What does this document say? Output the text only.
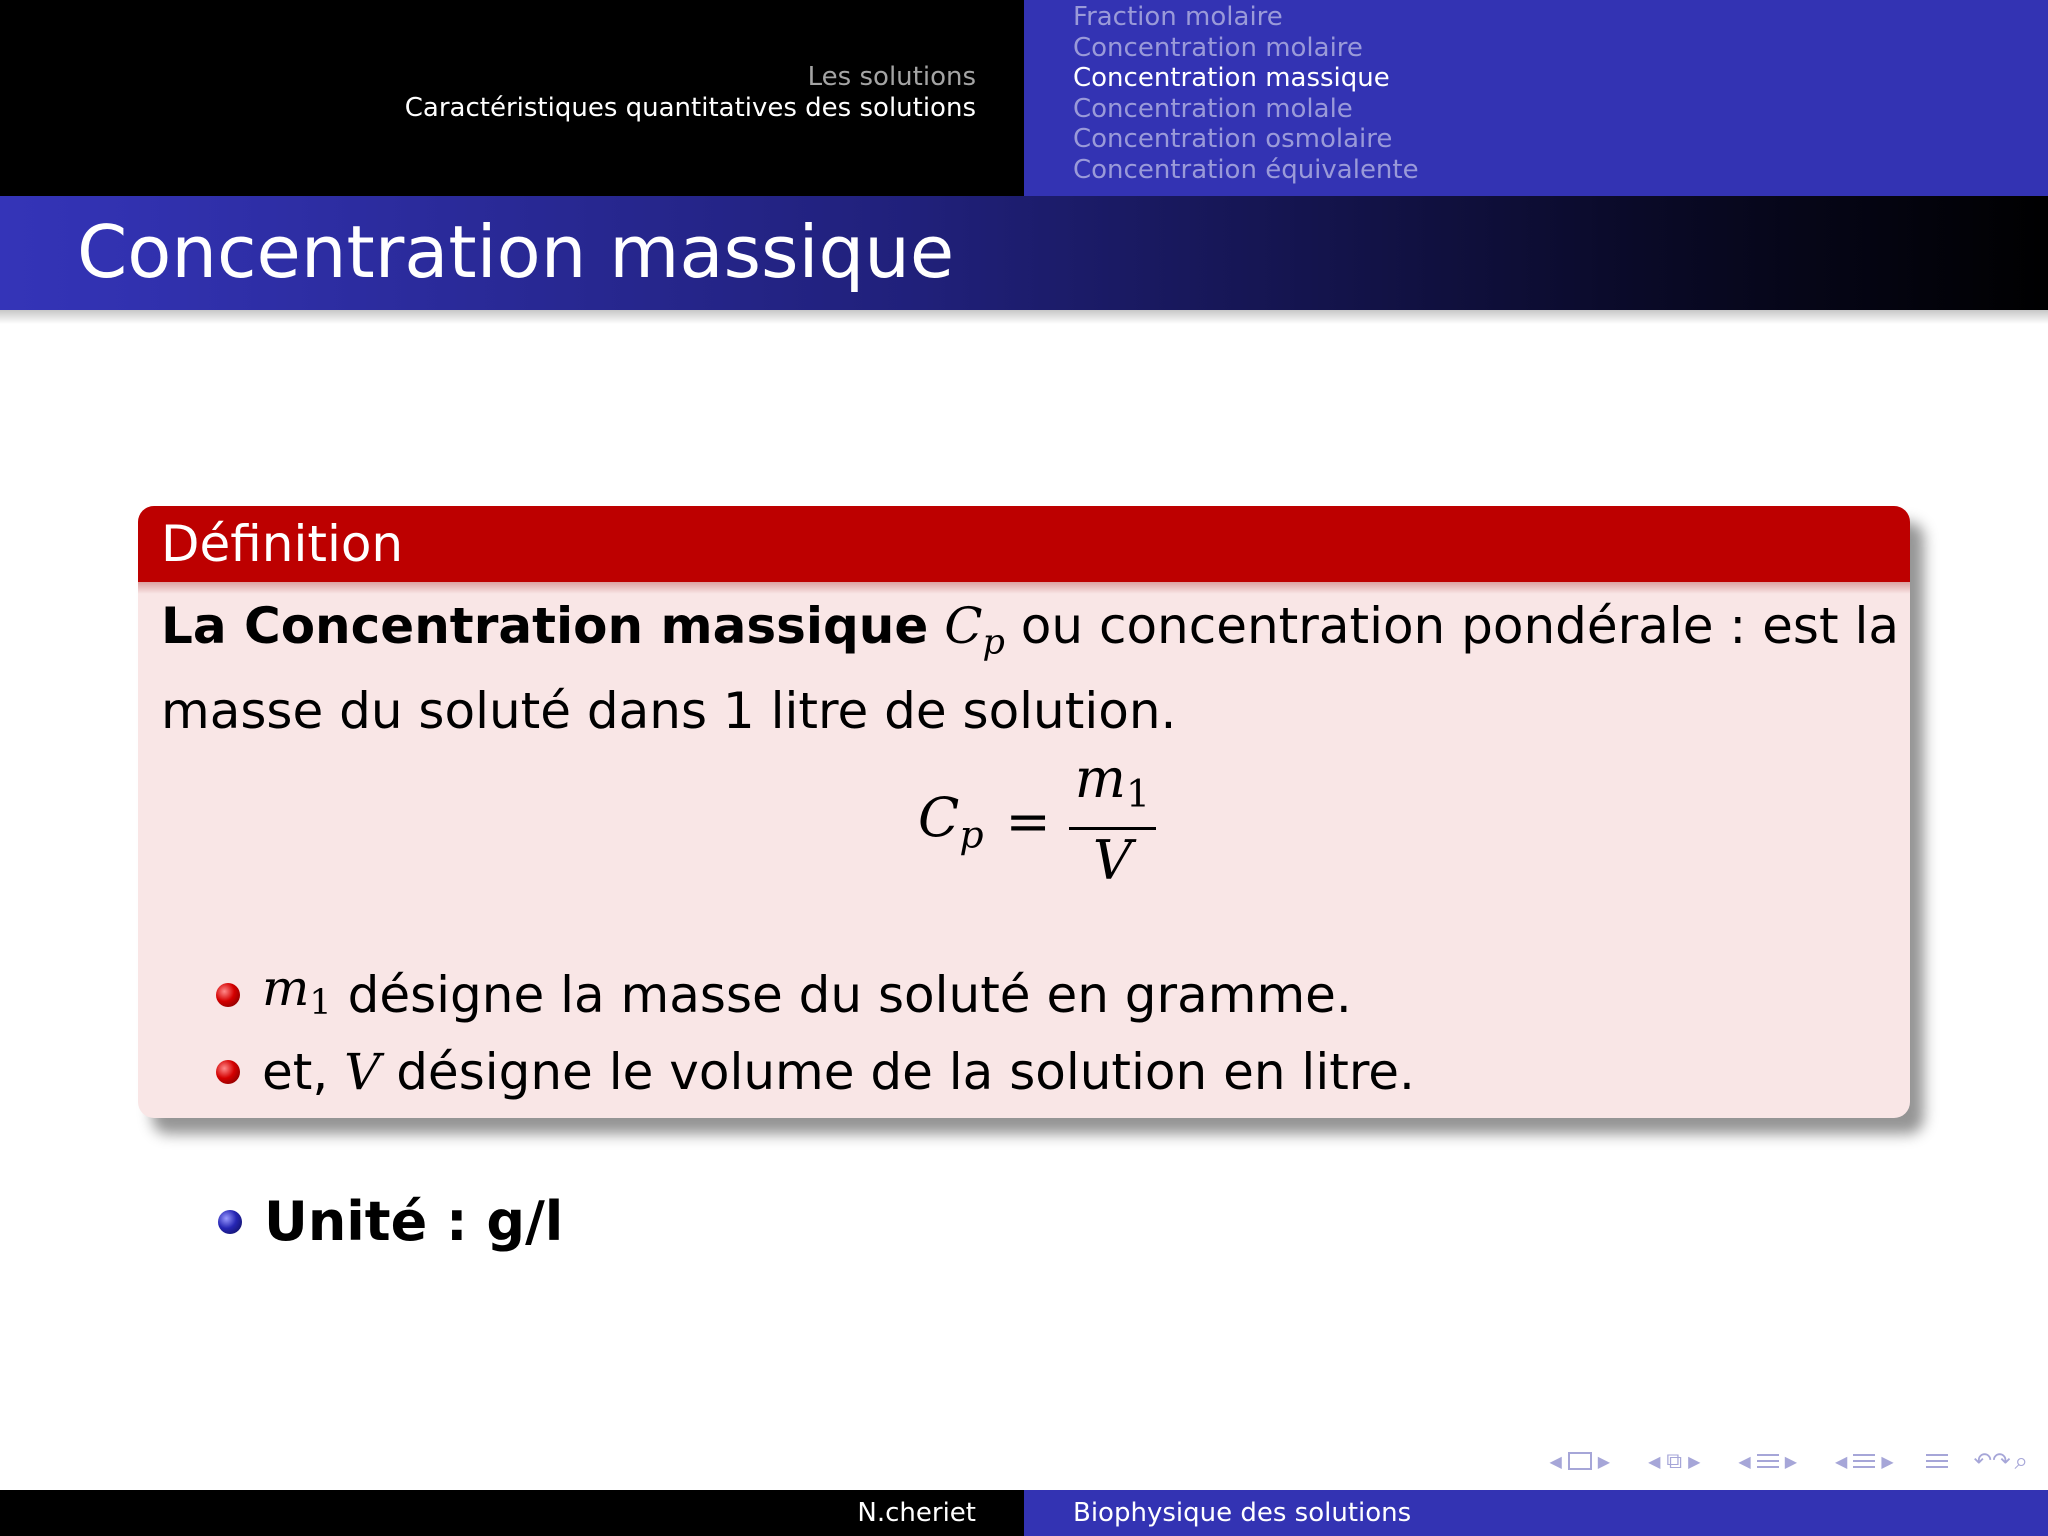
Les solutions
Caractéristiques quantitatives des solutions
Fraction molaire
Concentration molaire
Concentration massique
Concentration molale
Concentration osmolaire
Concentration équivalente
Concentration massique
Définition
La Concentration massique $C_p$ ou concentration pondérale : est la
masse du soluté dans 1 litre de solution.
$C_p = \frac{m1}{V}$
m1
désigne la masse du soluté en gramme.
et,
V
désigne le volume de la solution en litre.
Unité : g/l
◀ ▶ ◀ ⧉ ▶ ◀ ▶ ◀ ▶	↶ ↷ ⌕
N.cheriet	Biophysique des solutions
